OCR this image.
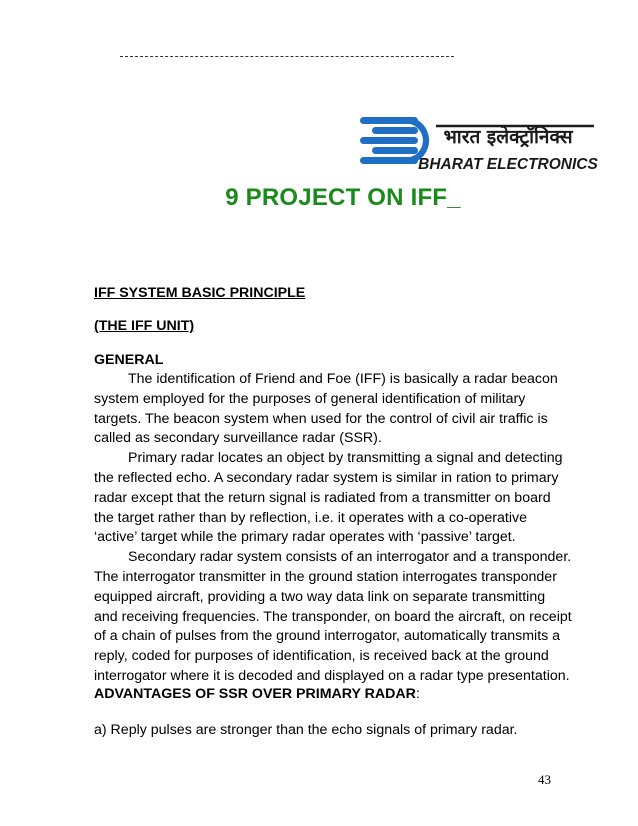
भारत इलेक्ट्रॉनिक्स
BHARAT ELECTRONICS
9 PROJECT ON IFF_
IFF SYSTEM BASIC PRINCIPLE
(THE IFF UNIT)
GENERAL

The identification of Friend and Foe (IFF) is basically a radar beacon system employed for the purposes of general identification of military targets. The beacon system when used for the control of civil air traffic is called as secondary surveillance radar (SSR).

Primary radar locates an object by transmitting a signal and detecting the reflected echo. A secondary radar system is similar in ration to primary radar except that the return signal is radiated from a transmitter on board the target rather than by reflection, i.e. it operates with a co-operative ‘active’ target while the primary radar operates with ‘passive’ target.

Secondary radar system consists of an interrogator and a transponder. The interrogator transmitter in the ground station interrogates transponder equipped aircraft, providing a two way data link on separate transmitting and receiving frequencies. The transponder, on board the aircraft, on receipt of a chain of pulses from the ground interrogator, automatically transmits a reply, coded for purposes of identification, is received back at the ground interrogator where it is decoded and displayed on a radar type presentation.

ADVANTAGES OF SSR OVER PRIMARY RADAR:
a) Reply pulses are stronger than the echo signals of primary radar.
43
